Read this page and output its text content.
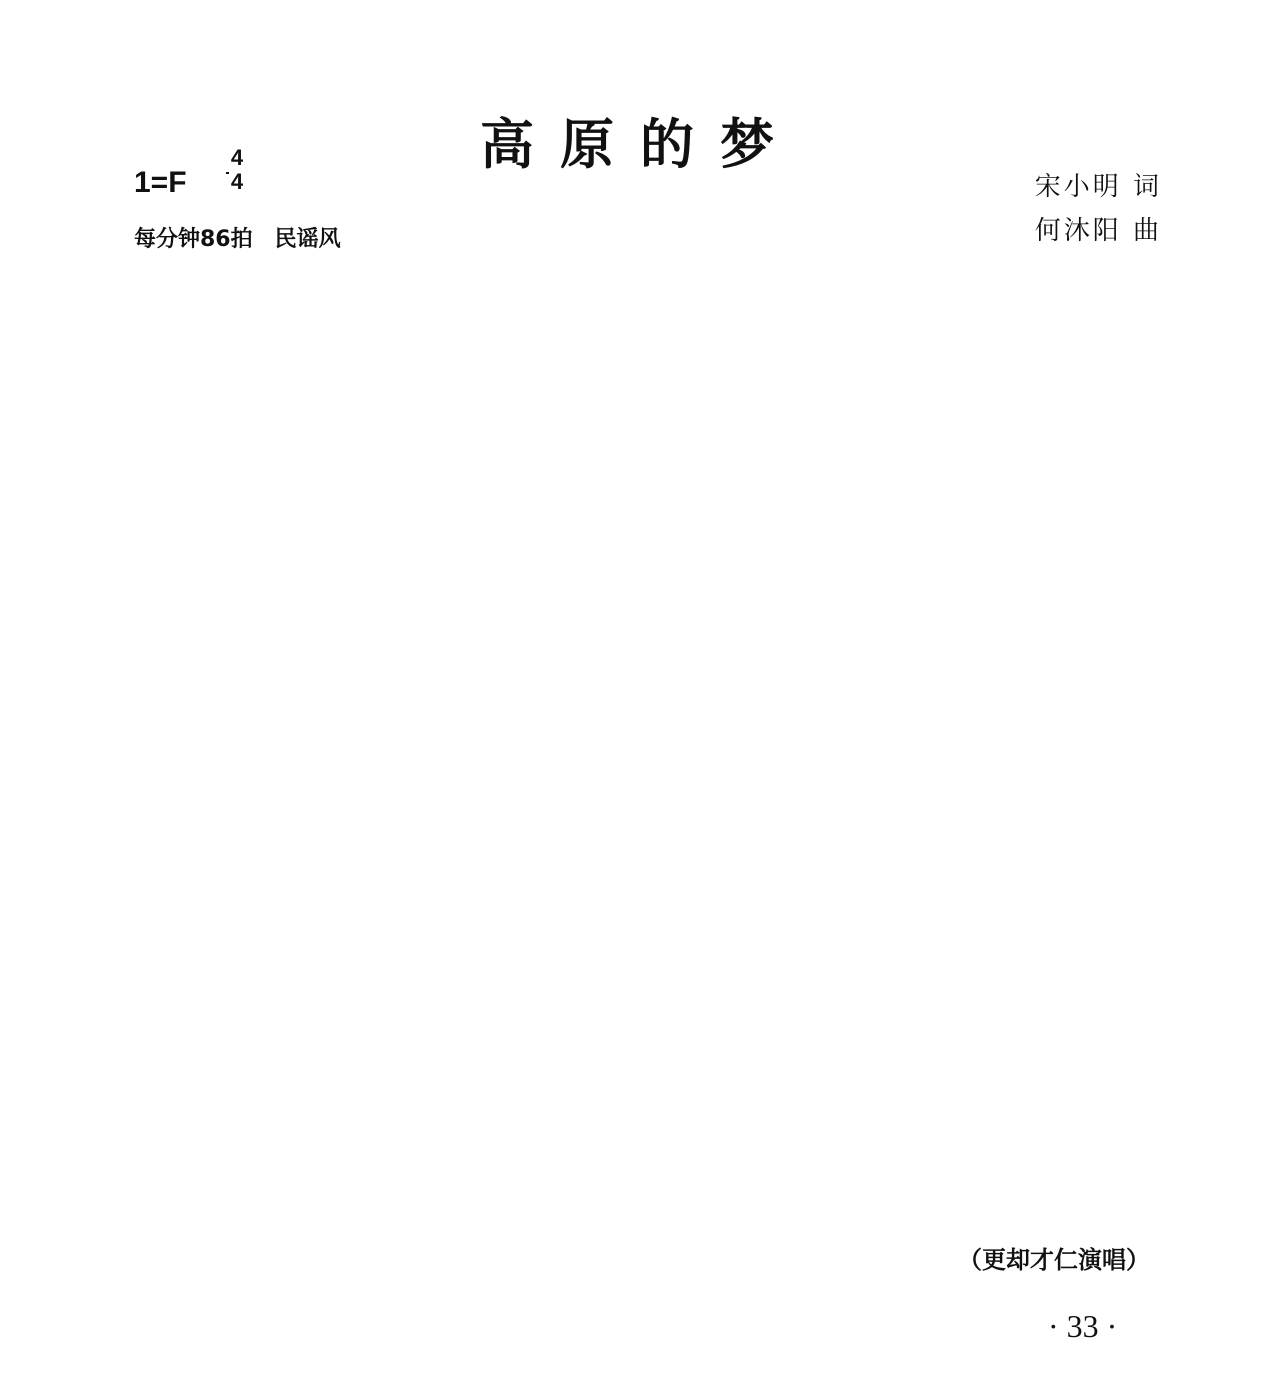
高原的梦
1=F
4
4
每分钟86拍　民谣风
宋小明 词
何沐阳 曲
（更却才仁演唱）
· 33 ·
